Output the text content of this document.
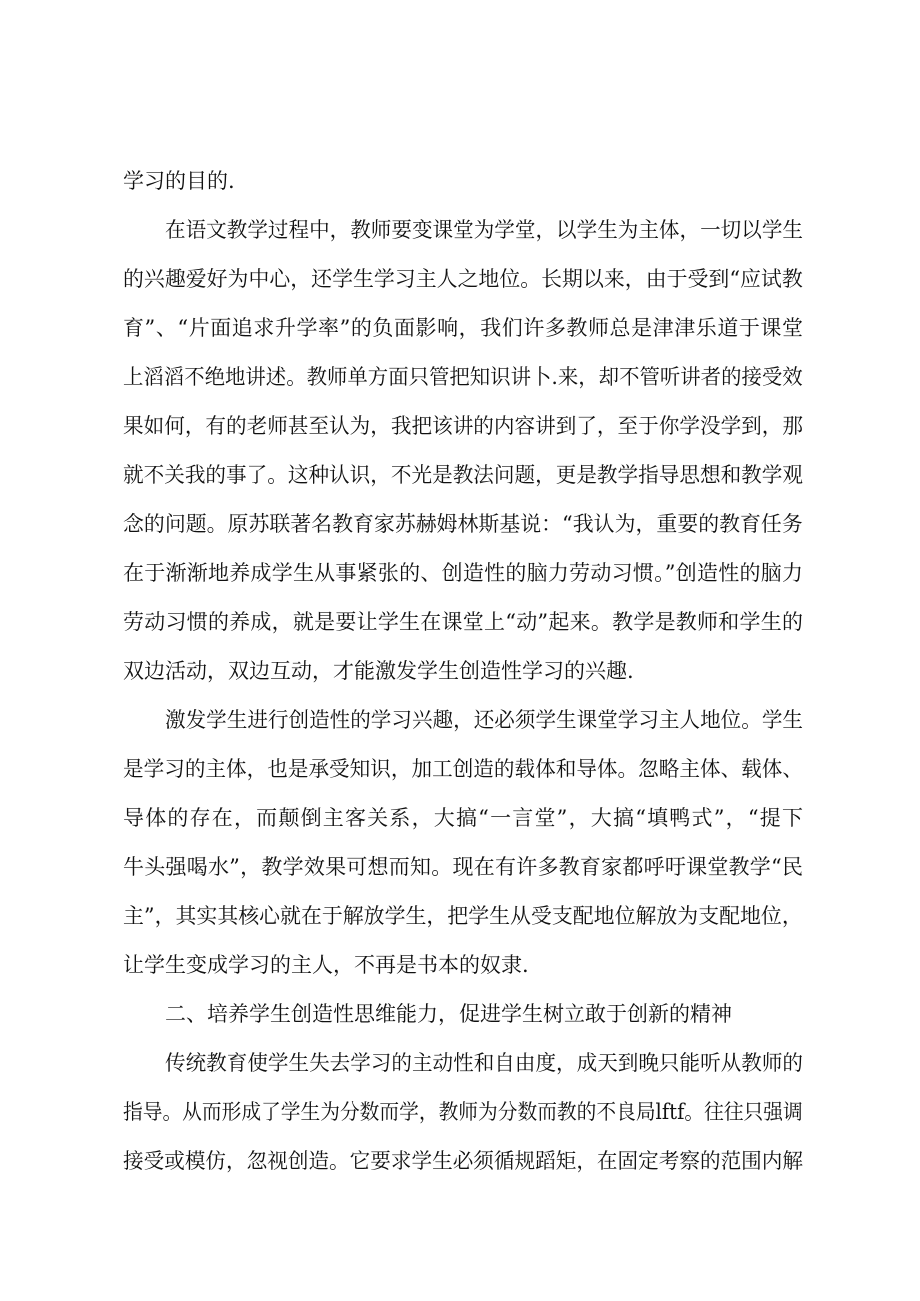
学习的目的.
在语文教学过程中，教师要变课堂为学堂，以学生为主体，一切以学生
的兴趣爱好为中心，还学生学习主人之地位。长期以来，由于受到“应试教
育”、“片面追求升学率”的负面影响，我们许多教师总是津津乐道于课堂
上滔滔不绝地讲述。教师单方面只管把知识讲卜.来，却不管听讲者的接受效
果如何，有的老师甚至认为，我把该讲的内容讲到了，至于你学没学到，那
就不关我的事了。这种认识，不光是教法问题，更是教学指导思想和教学观
念的问题。原苏联著名教育家苏赫姆林斯基说：“我认为，重要的教育任务
在于渐渐地养成学生从事紧张的、创造性的脑力劳动习惯。”创造性的脑力
劳动习惯的养成，就是要让学生在课堂上“动”起来。教学是教师和学生的
双边活动，双边互动，才能激发学生创造性学习的兴趣.
激发学生进行创造性的学习兴趣，还必须学生课堂学习主人地位。学生
是学习的主体，也是承受知识，加工创造的载体和导体。忽略主体、载体、
导体的存在，而颠倒主客关系，大搞“一言堂”，大搞“填鸭式”，“提下
牛头强喝水”，教学效果可想而知。现在有许多教育家都呼吁课堂教学“民
主”，其实其核心就在于解放学生，把学生从受支配地位解放为支配地位，
让学生变成学习的主人，不再是书本的奴隶.
二、培养学生创造性思维能力，促进学生树立敢于创新的精神
传统教育使学生失去学习的主动性和自由度，成天到晚只能听从教师的
指导。从而形成了学生为分数而学，教师为分数而教的不良局lftf。往往只强调
接受或模仿，忽视创造。它要求学生必须循规蹈矩，在固定考察的范围内解
